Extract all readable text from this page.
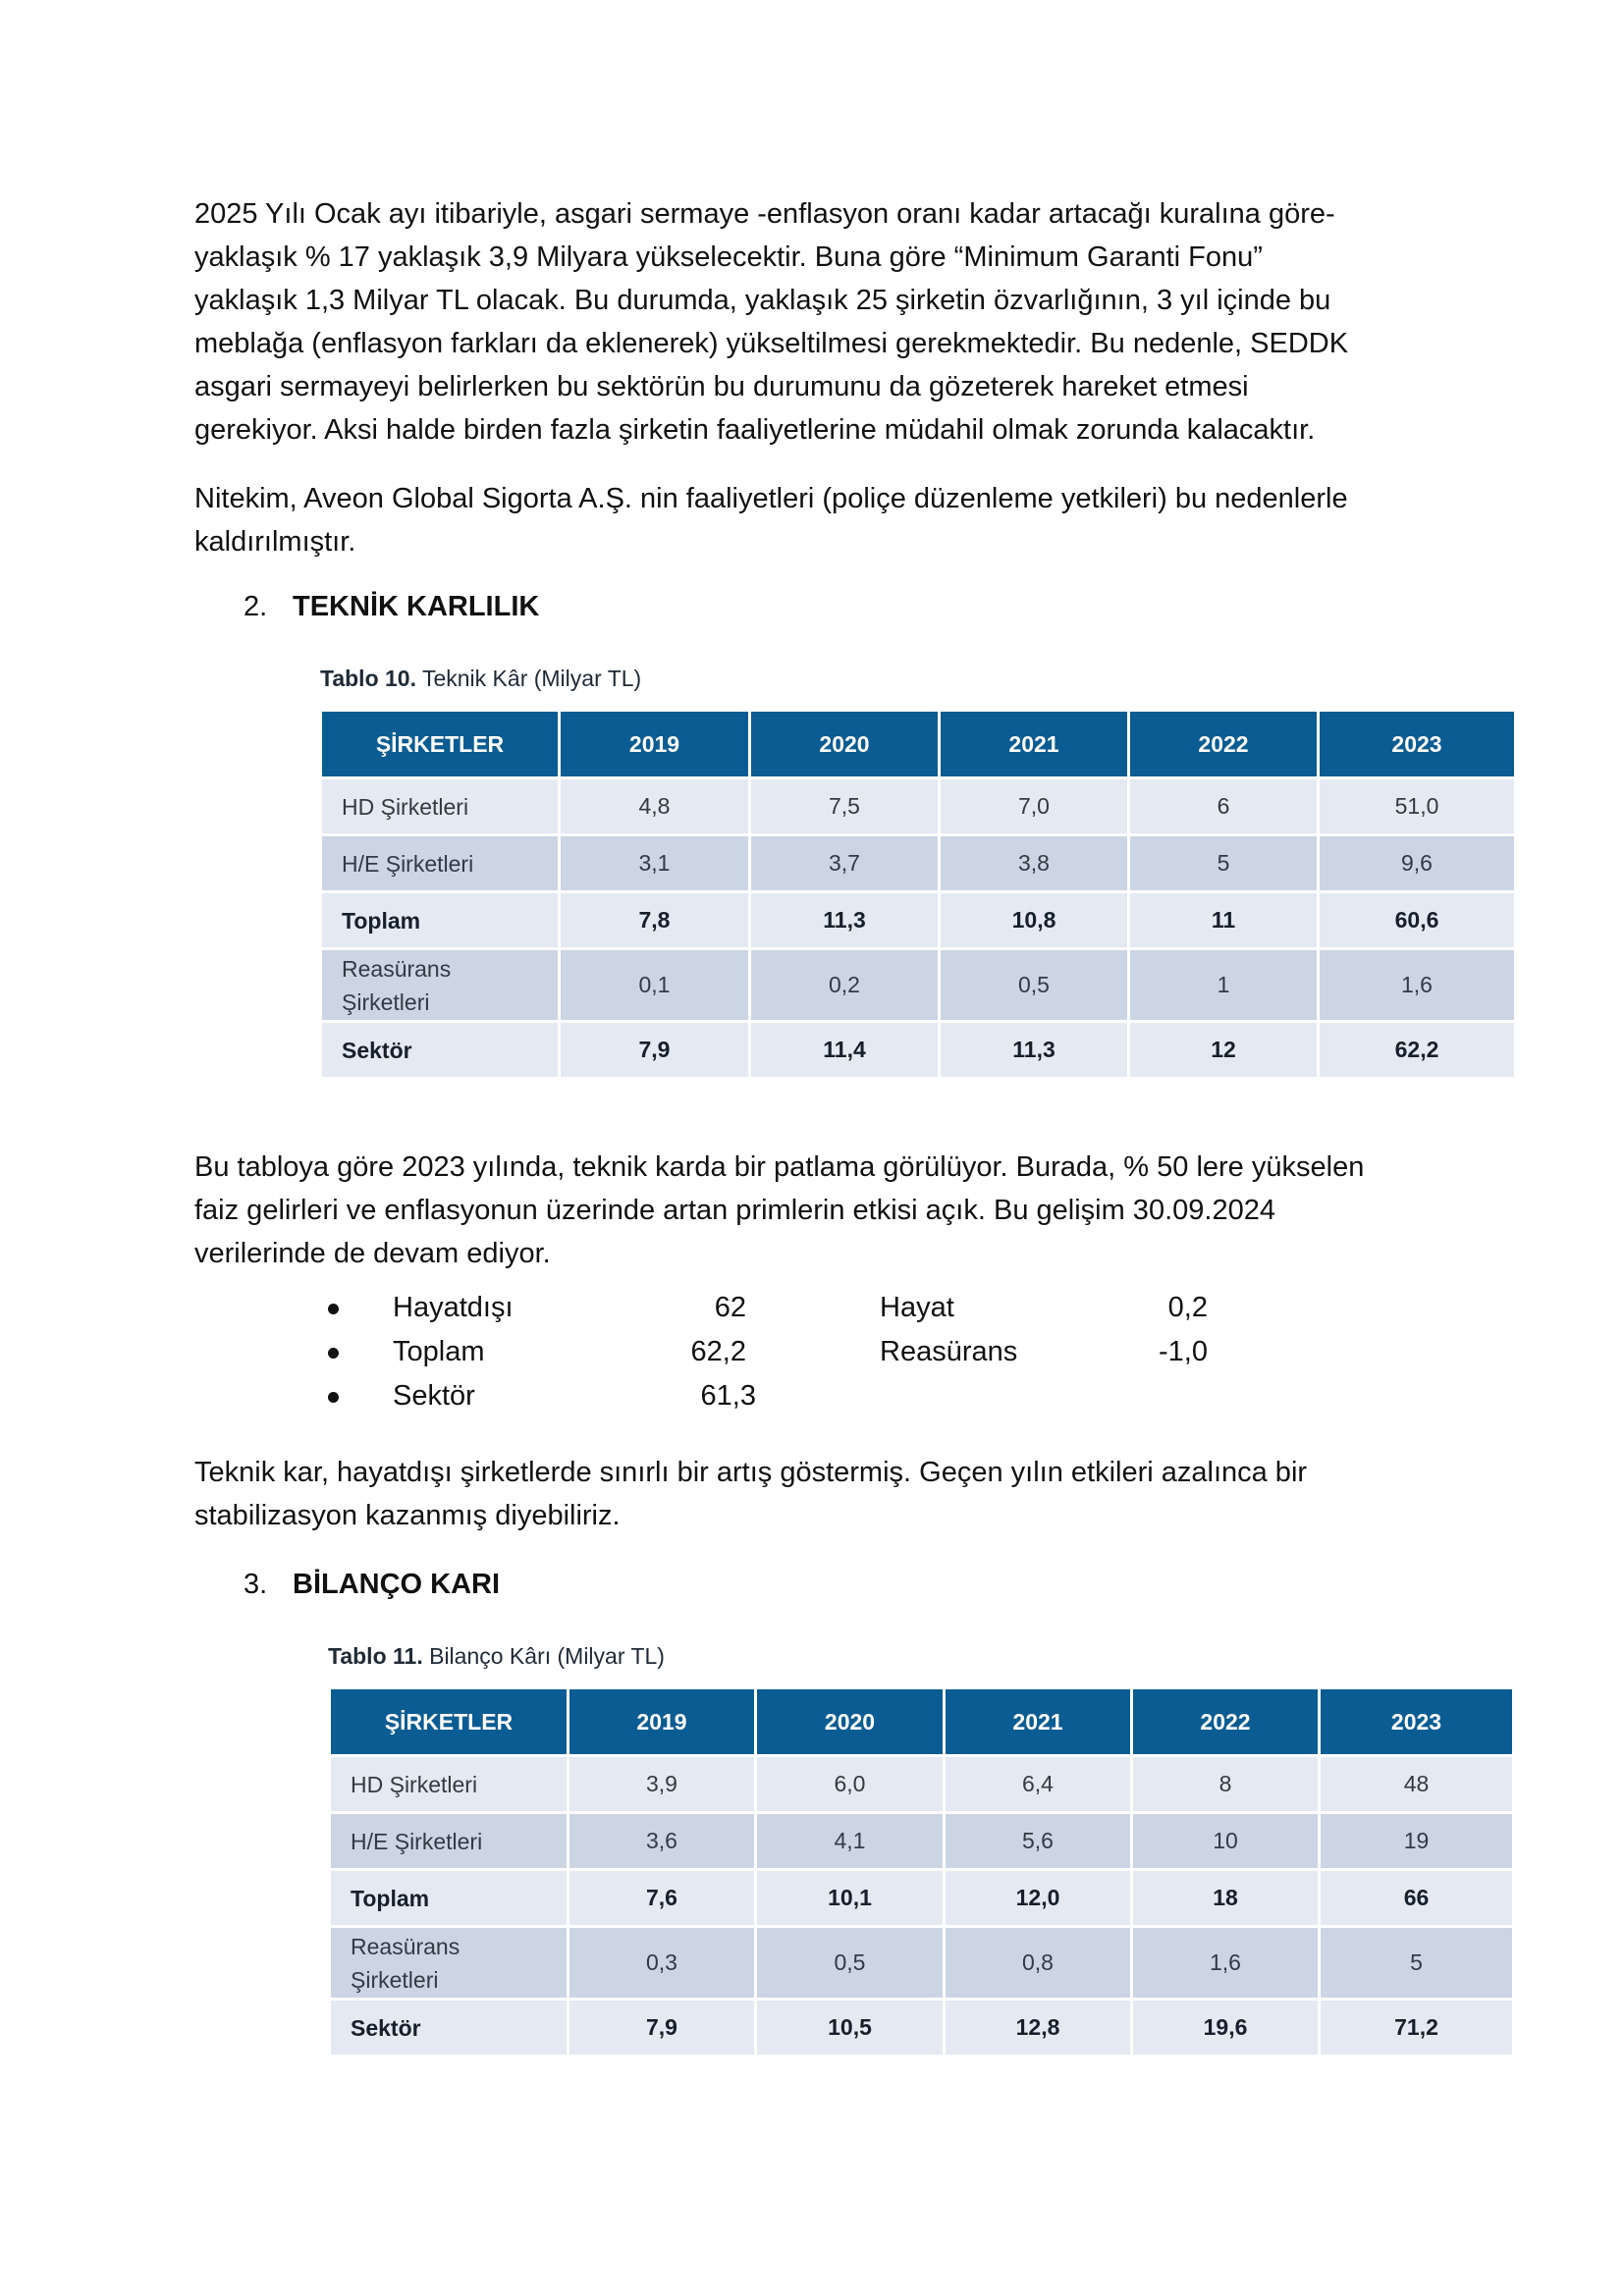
2025 Yılı Ocak ayı itibariyle, asgari sermaye -enflasyon oranı kadar artacağı kuralına göre-
yaklaşık % 17 yaklaşık 3,9 Milyara yükselecektir. Buna göre “Minimum Garanti Fonu”
yaklaşık 1,3 Milyar TL olacak. Bu durumda, yaklaşık 25 şirketin özvarlığının, 3 yıl içinde bu
meblağa (enflasyon farkları da eklenerek) yükseltilmesi gerekmektedir. Bu nedenle, SEDDK
asgari sermayeyi belirlerken bu sektörün bu durumunu da gözeterek hareket etmesi
gerekiyor. Aksi halde birden fazla şirketin faaliyetlerine müdahil olmak zorunda kalacaktır.

Nitekim, Aveon Global Sigorta A.Ş. nin faaliyetleri (poliçe düzenleme yetkileri) bu nedenlerle
kaldırılmıştır.

2. TEKNİK KARLILIK
Tablo 10. Teknik Kâr (Milyar TL)
ŞİRKETLER	2019	2020	2021	2022	2023
HD Şirketleri	4,8	7,5	7,0	6	51,0
H/E Şirketleri	3,1	3,7	3,8	5	9,6
Toplam	7,8	11,3	10,8	11	60,6
Reasürans
Şirketleri	0,1	0,2	0,5	1	1,6
Sektör	7,9	11,4	11,3	12	62,2

Bu tabloya göre 2023 yılında, teknik karda bir patlama görülüyor. Burada, % 50 lere yükselen
faiz gelirleri ve enflasyonun üzerinde artan primlerin etkisi açık. Bu gelişim 30.09.2024
verilerinde de devam ediyor.

Hayatdışı	62	Hayat	0,2
Toplam	62,2	Reasürans	-1,0
Sektör	61,3

Teknik kar, hayatdışı şirketlerde sınırlı bir artış göstermiş. Geçen yılın etkileri azalınca bir
stabilizasyon kazanmış diyebiliriz.

3. BİLANÇO KARI
Tablo 11. Bilanço Kârı (Milyar TL)
ŞİRKETLER	2019	2020	2021	2022	2023
HD Şirketleri	3,9	6,0	6,4	8	48
H/E Şirketleri	3,6	4,1	5,6	10	19
Toplam	7,6	10,1	12,0	18	66
Reasürans
Şirketleri	0,3	0,5	0,8	1,6	5
Sektör	7,9	10,5	12,8	19,6	71,2
